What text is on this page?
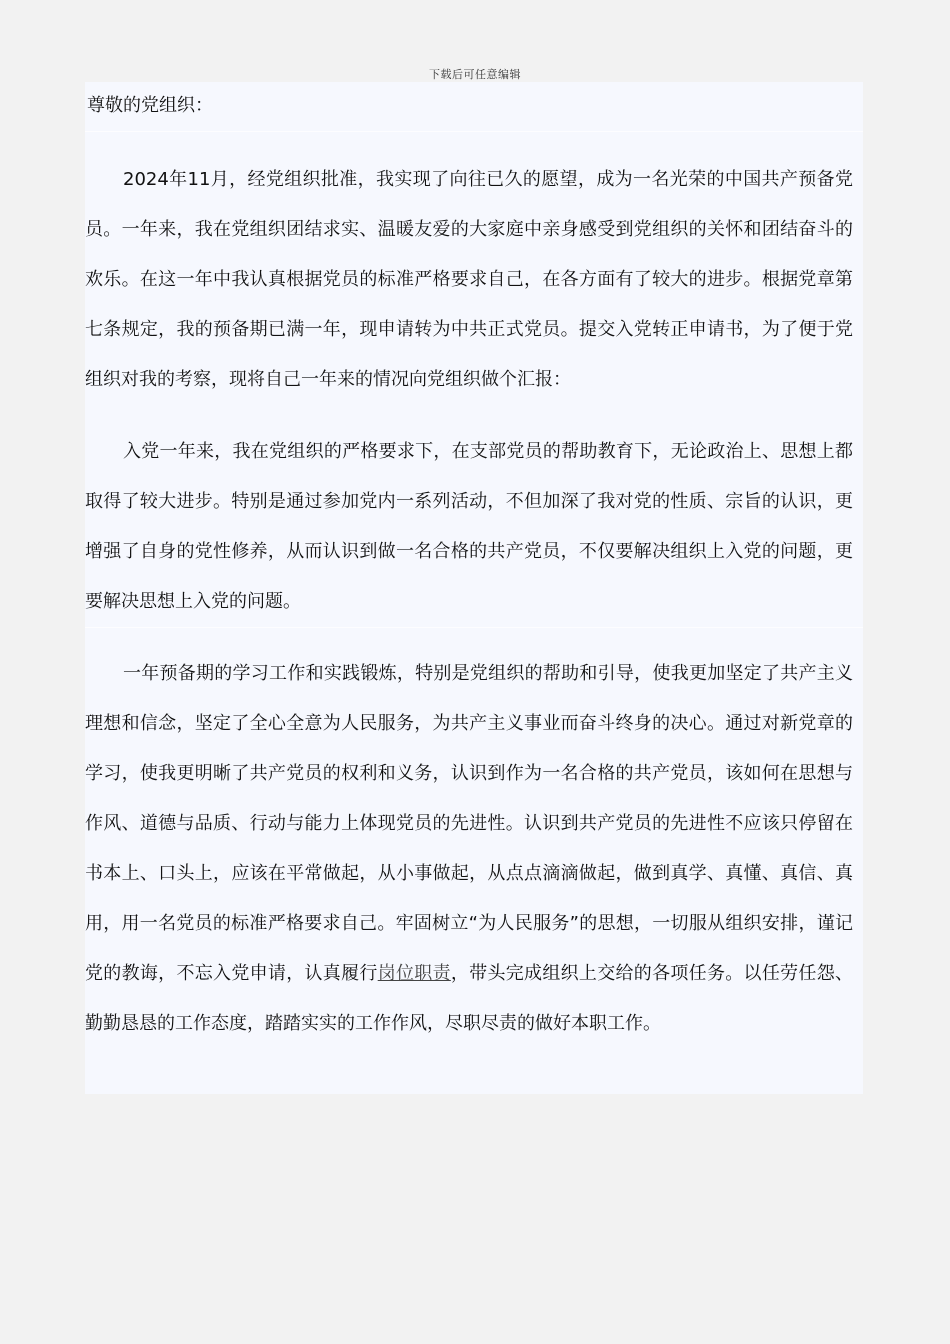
下载后可任意编辑

尊敬的党组织：

2024年11月，经党组织批准，我实现了向往已久的愿望，成为一名光荣的中国共产预备党员。一年来，我在党组织团结求实、温暖友爱的大家庭中亲身感受到党组织的关怀和团结奋斗的欢乐。在这一年中我认真根据党员的标准严格要求自己，在各方面有了较大的进步。根据党章第七条规定，我的预备期已满一年，现申请转为中共正式党员。提交入党转正申请书，为了便于党组织对我的考察，现将自己一年来的情况向党组织做个汇报：

入党一年来，我在党组织的严格要求下，在支部党员的帮助教育下，无论政治上、思想上都取得了较大进步。特别是通过参加党内一系列活动，不但加深了我对党的性质、宗旨的认识，更增强了自身的党性修养，从而认识到做一名合格的共产党员，不仅要解决组织上入党的问题，更要解决思想上入党的问题。

一年预备期的学习工作和实践锻炼，特别是党组织的帮助和引导，使我更加坚定了共产主义理想和信念，坚定了全心全意为人民服务，为共产主义事业而奋斗终身的决心。通过对新党章的学习，使我更明晰了共产党员的权利和义务，认识到作为一名合格的共产党员，该如何在思想与作风、道德与品质、行动与能力上体现党员的先进性。认识到共产党员的先进性不应该只停留在书本上、口头上，应该在平常做起，从小事做起，从点点滴滴做起，做到真学、真懂、真信、真用，用一名党员的标准严格要求自己。牢固树立“为人民服务”的思想，一切服从组织安排，谨记党的教诲，不忘入党申请，认真履行岗位职责，带头完成组织上交给的各项任务。以任劳任怨、勤勤恳恳的工作态度，踏踏实实的工作作风，尽职尽责的做好本职工作。
